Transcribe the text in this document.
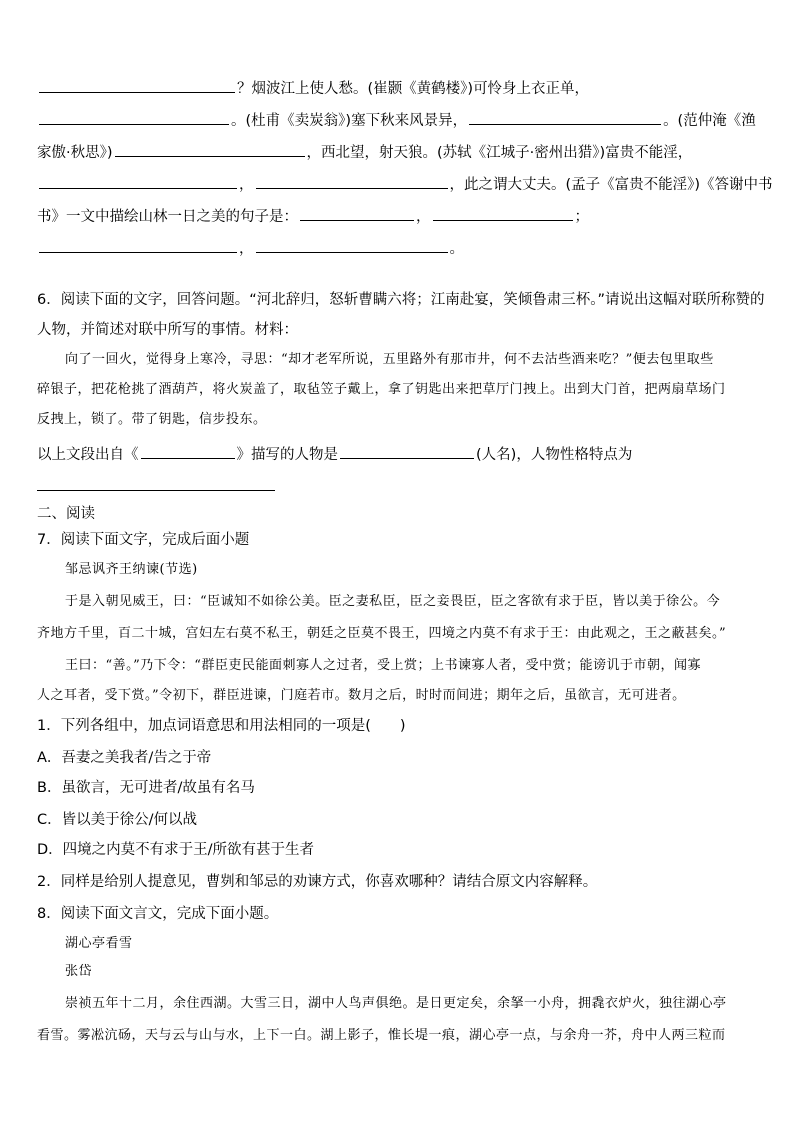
？烟波江上使人愁。(崔颢《黄鹤楼》)可怜身上衣正单，
。(杜甫《卖炭翁》)塞下秋来风景异，	。(范仲淹《渔
家傲·秋思》)	，西北望，射天狼。(苏轼《江城子·密州出猎》)富贵不能淫，
，	，此之谓大丈夫。(孟子《富贵不能淫》)《答谢中书
书》一文中描绘山林一日之美的句子是：	，	；
，	。
6．阅读下面的文字，回答问题。“河北辞归，怒斩曹瞒六将；江南赴宴，笑倾鲁肃三杯。”请说出这幅对联所称赞的
人物，并简述对联中所写的事情。材料：
向了一回火，觉得身上寒冷，寻思：“却才老军所说，五里路外有那市井，何不去沽些酒来吃？”便去包里取些
碎银子，把花枪挑了酒葫芦，将火炭盖了，取毡笠子戴上，拿了钥匙出来把草厅门拽上。出到大门首，把两扇草场门
反拽上，锁了。带了钥匙，信步投东。
以上文段出自《	》描写的人物是	(人名)，人物性格特点为
二、阅读
7．阅读下面文字，完成后面小题
邹忌讽齐王纳谏(节选)
于是入朝见威王，曰：“臣诚知不如徐公美。臣之妻私臣，臣之妾畏臣，臣之客欲有求于臣，皆以美于徐公。今
齐地方千里，百二十城，宫妇左右莫不私王，朝廷之臣莫不畏王，四境之内莫不有求于王：由此观之，王之蔽甚矣。”
王曰：“善。”乃下令：“群臣吏民能面刺寡人之过者，受上赏；上书谏寡人者，受中赏；能谤讥于市朝，闻寡
人之耳者，受下赏。”令初下，群臣进谏，门庭若市。数月之后，时时而间进；期年之后，虽欲言，无可进者。
1．下列各组中，加点词语意思和用法相同的一项是(　　)
A．吾妻之美我者/告之于帝
B．虽欲言，无可进者/故虽有名马
C．皆以美于徐公/何以战
D．四境之内莫不有求于王/所欲有甚于生者
2．同样是给别人提意见，曹刿和邹忌的劝谏方式，你喜欢哪种？请结合原文内容解释。
8．阅读下面文言文，完成下面小题。
湖心亭看雪
张岱
崇祯五年十二月，余住西湖。大雪三日，湖中人鸟声俱绝。是日更定矣，余拏一小舟，拥毳衣炉火，独往湖心亭
看雪。雾凇沆砀，天与云与山与水，上下一白。湖上影子，惟长堤一痕，湖心亭一点，与余舟一芥，舟中人两三粒而
